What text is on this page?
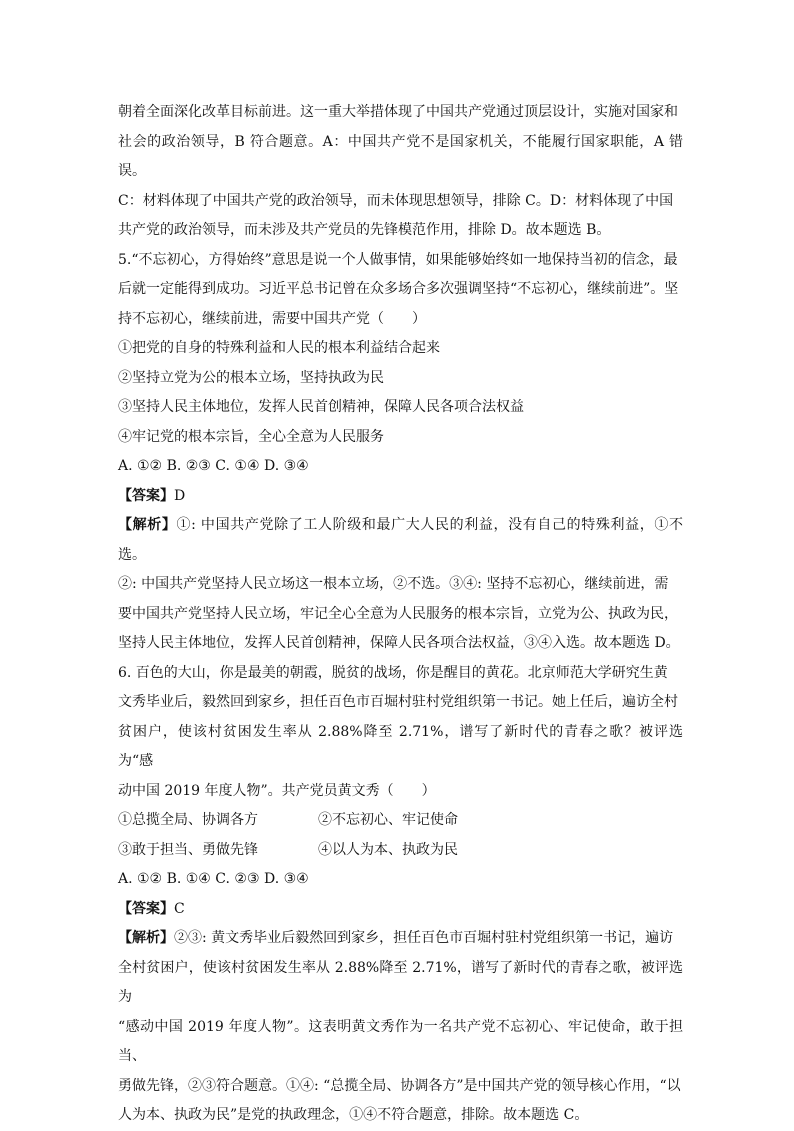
朝着全面深化改革目标前进。这一重大举措体现了中国共产党通过顶层设计，实施对国家和

社会的政治领导，B 符合题意。A：中国共产党不是国家机关，不能履行国家职能，A 错误。

C：材料体现了中国共产党的政治领导，而未体现思想领导，排除 C。D：材料体现了中国

共产党的政治领导，而未涉及共产党员的先锋模范作用，排除 D。故本题选 B。

5.“不忘初心，方得始终”意思是说一个人做事情，如果能够始终如一地保持当初的信念，最

后就一定能得到成功。习近平总书记曾在众多场合多次强调坚持“不忘初心，继续前进”。坚

持不忘初心，继续前进，需要中国共产党（　　）

①把党的自身的特殊利益和人民的根本利益结合起来

②坚持立党为公的根本立场，坚持执政为民

③坚持人民主体地位，发挥人民首创精神，保障人民各项合法权益

④牢记党的根本宗旨，全心全意为人民服务

A. ①② B. ②③ C. ①④ D. ③④

【答案】D

【解析】①: 中国共产党除了工人阶级和最广大人民的利益，没有自己的特殊利益，①不选。

②: 中国共产党坚持人民立场这一根本立场，②不选。③④: 坚持不忘初心，继续前进，需

要中国共产党坚持人民立场，牢记全心全意为人民服务的根本宗旨，立党为公、执政为民，

坚持人民主体地位，发挥人民首创精神，保障人民各项合法权益，③④入选。故本题选 D。

6. 百色的大山，你是最美的朝霞，脱贫的战场，你是醒目的黄花。北京师范大学研究生黄

文秀毕业后，毅然回到家乡，担任百色市百堀村驻村党组织第一书记。她上任后，遍访全村

贫困户，使该村贫困发生率从 2.88%降至 2.71%，谱写了新时代的青春之歌？被评选为“感

动中国 2019 年度人物”。共产党员黄文秀（　　）

①总揽全局、协调各方	②不忘初心、牢记使命
③敢于担当、勇做先锋	④以人为本、执政为民

A. ①② B. ①④ C. ②③ D. ③④

【答案】C

【解析】②③: 黄文秀毕业后毅然回到家乡，担任百色市百堀村驻村党组织第一书记，遍访

全村贫困户，使该村贫困发生率从 2.88%降至 2.71%，谱写了新时代的青春之歌，被评选为

“感动中国 2019 年度人物”。这表明黄文秀作为一名共产党不忘初心、牢记使命，敢于担当、

勇做先锋，②③符合题意。①④: “总揽全局、协调各方”是中国共产党的领导核心作用，“以

人为本、执政为民”是党的执政理念，①④不符合题意，排除。故本题选 C。
